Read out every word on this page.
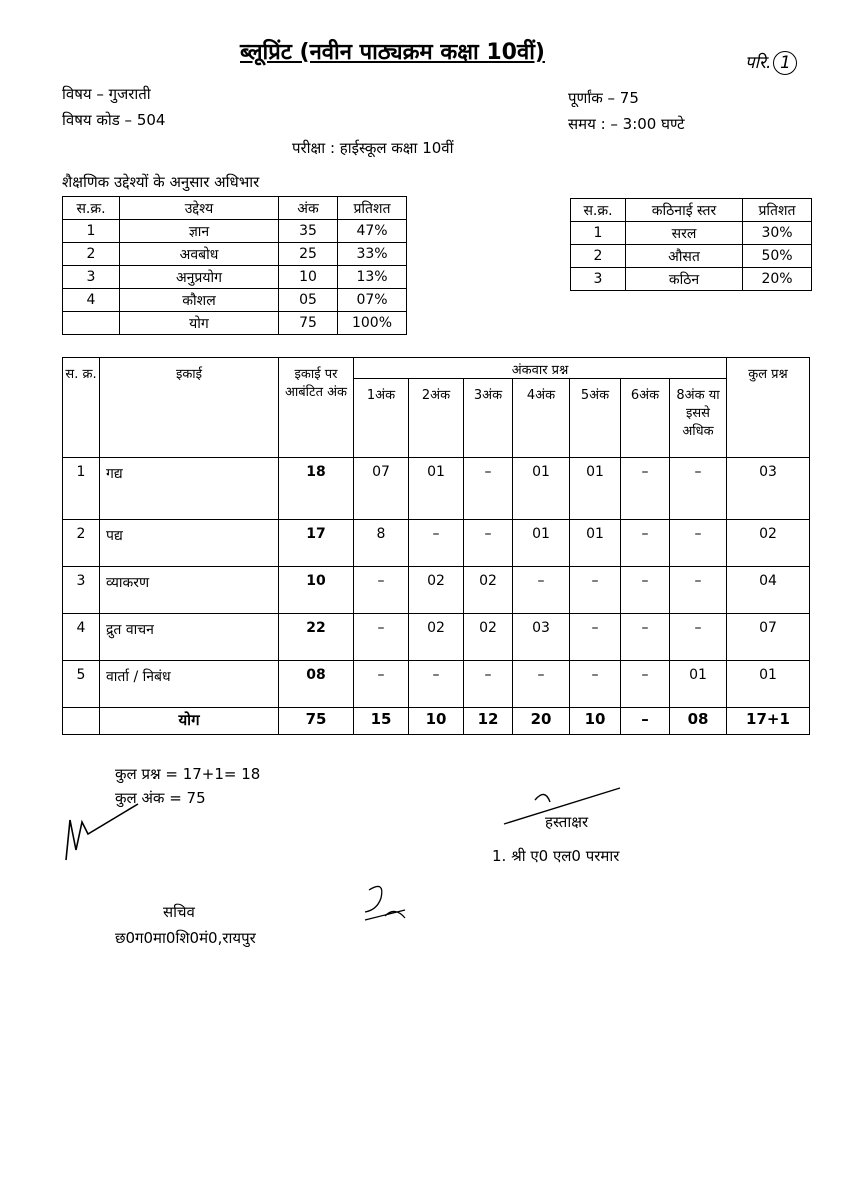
ब्लूप्रिंट (नवीन पाठ्यक्रम कक्षा 10वीं)	परि. 1
विषय – गुजराती
विषय कोड – 504
पूर्णांक – 75
समय : – 3:00 घण्टे
परीक्षा : हाईस्कूल कक्षा 10वीं
शैक्षणिक उद्देश्यों के अनुसार अधिभार
स.क्र.	उद्देश्य	अंक	प्रतिशत
1	ज्ञान	35	47%
2	अवबोध	25	33%
3	अनुप्रयोग	10	13%
4	कौशल	05	07%
	योग	75	100%
स.क्र.	कठिनाई स्तर	प्रतिशत
1	सरल	30%
2	औसत	50%
3	कठिन	20%
स. क्र.	इकाई	इकाई पर आबंटित अंक	अंकवार प्रश्न							कुल प्रश्न
			1अंक	2अंक	3अंक	4अंक	5अंक	6अंक	8अंक या इससे अधिक	
1	गद्य	18	07	01	–	01	01	–	–	03
2	पद्य	17	8	–	–	01	01	–	–	02
3	व्याकरण	10	–	02	02	–	–	–	–	04
4	द्रुत वाचन	22	–	02	02	03	–	–	–	07
5	वार्ता / निबंध	08	–	–	–	–	–	–	01	01
	योग	75	15	10	12	20	10	–	08	17+1
कुल प्रश्न = 17+1= 18
कुल अंक = 75
हस्ताक्षर
1. श्री ए0 एल0 परमार
सचिव
छ0ग0मा0शि0मं0,रायपुर
